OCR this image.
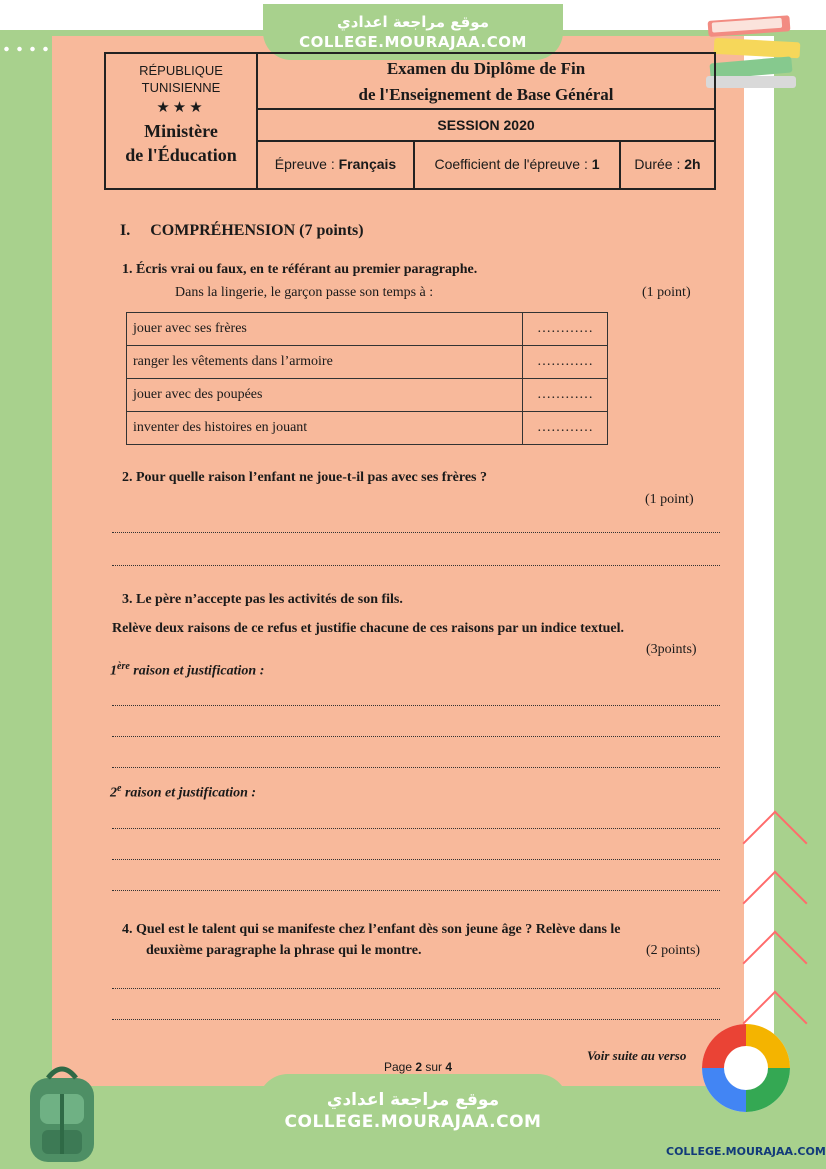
موقع مراجعة اعدادي
COLLEGE.MOURAJAA.COM
RÉPUBLIQUE
TUNISIENNE
★★★
Ministère
de l'Éducation
Examen du Diplôme de Fin
de l'Enseignement de Base Général
SESSION 2020
Épreuve : Français	Coefficient de l'épreuve : 1	Durée : 2h
I. COMPRÉHENSION (7 points)
1. Écris vrai ou faux, en te référant au premier paragraphe.
Dans la lingerie, le garçon passe son temps à :	(1 point)
jouer avec ses frères	…………
ranger les vêtements dans l’armoire	…………
jouer avec des poupées	…………
inventer des histoires en jouant	…………
2. Pour quelle raison l’enfant ne joue-t-il pas avec ses frères ?
(1 point)
3. Le père n’accepte pas les activités de son fils.
Relève deux raisons de ce refus et justifie chacune de ces raisons par un indice textuel.
(3points)
1ère raison et justification :
2e raison et justification :
4. Quel est le talent qui se manifeste chez l’enfant dès son jeune âge ? Relève dans le
deuxième paragraphe la phrase qui le montre.	(2 points)
Page 2 sur 4
Voir suite au verso
موقع مراجعة اعدادي
COLLEGE.MOURAJAA.COM
COLLEGE.MOURAJAA.COM
